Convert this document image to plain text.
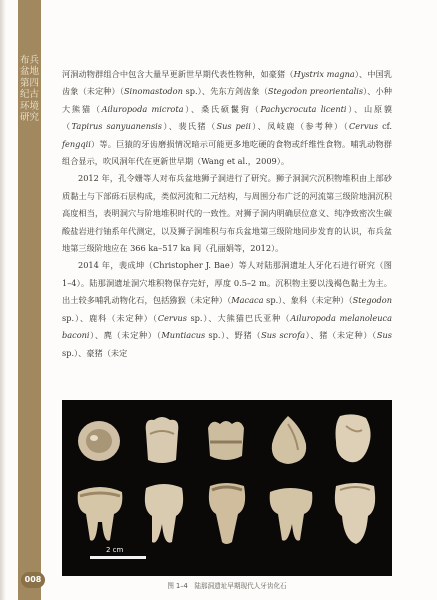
布兵盆地第四纪古环境研究

河洞动物群组合中包含大量早更新世早期代表性物种，如豪猪（Hystrix magna）、中国乳齿象（未定种）（Sinomastodon sp.）、先东方剑齿象（Stegodon preorientalis）、小种大熊猫（Ailuropoda microta）、桑氏硕鬣狗（Pachycrocuta licenti）、山原貘（Tapirus sanyuanensis）、裴氏猪（Sus peii）、凤岐鹿（参考种）（Cervus cf. fengqii）等。巨猿的牙齿磨损情况暗示可能更多地吃硬的食物或纤维性食物。哺乳动物群组合显示，吹风洞年代在更新世早期（Wang et al.，2009）。

2012 年，孔令姗等人对布兵盆地狮子洞进行了研究。狮子洞洞穴沉积物堆积由上部砂质黏土与下部砾石层构成，类似河流和二元结构，与周围分布广泛的河流第三级阶地洞沉积高度相当，表明洞穴与阶地堆积时代的一致性。对狮子洞内明确层位意义、纯净致密次生碳酸盐岩进行铀系年代测定，以及狮子洞堆积与布兵盆地第三级阶地同步发育的认识，布兵盆地第三级阶地应在 366 ka–517 ka 间（孔丽娟等，2012）。

2014 年，裴成坤（Christopher J. Bae）等人对陆那洞遗址人牙化石进行研究（图 1–4）。陆那洞遗址洞穴堆积物保存完好，厚度 0.5–2 m。沉积物主要以浅褐色黏土为主。出土较多哺乳动物化石，包括猕猴（未定种）（Macaca sp.）、象科（未定种）（Stegodon sp.）、鹿科（未定种）（Cervus sp.）、大熊猫巴氏亚种（Ailuropoda melanoleuca baconi）、麂（未定种）（Muntiacus sp.）、野猪（Sus scrofa）、猪（未定种）（Sus sp.）、豪猪（未定

2 cm
图 1–4　陆那洞遗址早期现代人牙齿化石
008
